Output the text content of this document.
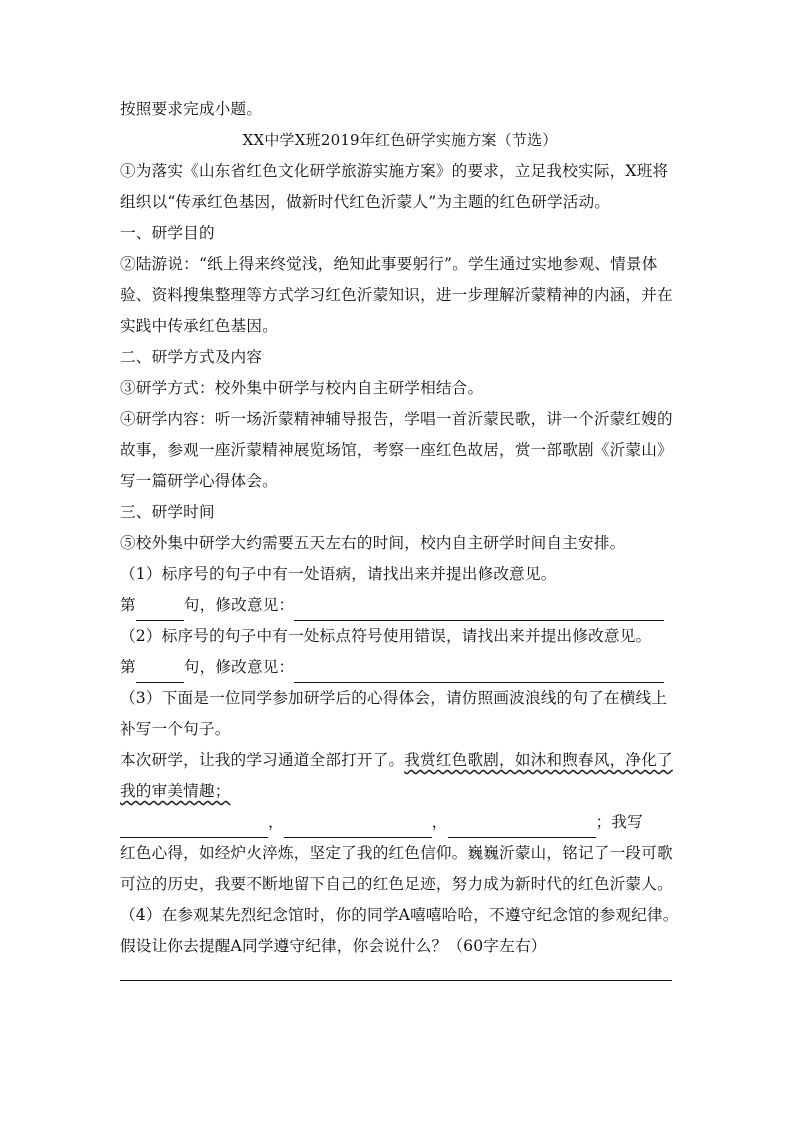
按照要求完成小题。
XX中学X班2019年红色研学实施方案（节选）
①为落实《山东省红色文化研学旅游实施方案》的要求，立足我校实际，X班将
组织以“传承红色基因，做新时代红色沂蒙人”为主题的红色研学活动。
一、研学目的
②陆游说：“纸上得来终觉浅，绝知此事要躬行”。学生通过实地参观、情景体
验、资料搜集整理等方式学习红色沂蒙知识，进一步理解沂蒙精神的内涵，并在
实践中传承红色基因。
二、研学方式及内容
③研学方式：校外集中研学与校内自主研学相结合。
④研学内容：听一场沂蒙精神辅导报告，学唱一首沂蒙民歌，讲一个沂蒙红嫂的
故事，参观一座沂蒙精神展览场馆，考察一座红色故居，赏一部歌剧《沂蒙山》
写一篇研学心得体会。
三、研学时间
⑤校外集中研学大约需要五天左右的时间，校内自主研学时间自主安排。
（1）标序号的句子中有一处语病，请找出来并提出修改意见。
第	句，修改意见：
（2）标序号的句子中有一处标点符号使用错误，请找出来并提出修改意见。
第	句，修改意见：
（3）下面是一位同学参加研学后的心得体会，请仿照画波浪线的句了在横线上
补写一个句子。
本次研学，让我的学习通道全部打开了。我赏红色歌剧，如沐和煦春风，净化了
我的审美情趣；
，	，	；我写
红色心得，如经炉火淬炼，坚定了我的红色信仰。巍巍沂蒙山，铭记了一段可歌
可泣的历史，我要不断地留下自己的红色足迹，努力成为新时代的红色沂蒙人。
（4）在参观某先烈纪念馆时，你的同学A嘻嘻哈哈，不遵守纪念馆的参观纪律。
假设让你去提醒A同学遵守纪律，你会说什么？（60字左右）
